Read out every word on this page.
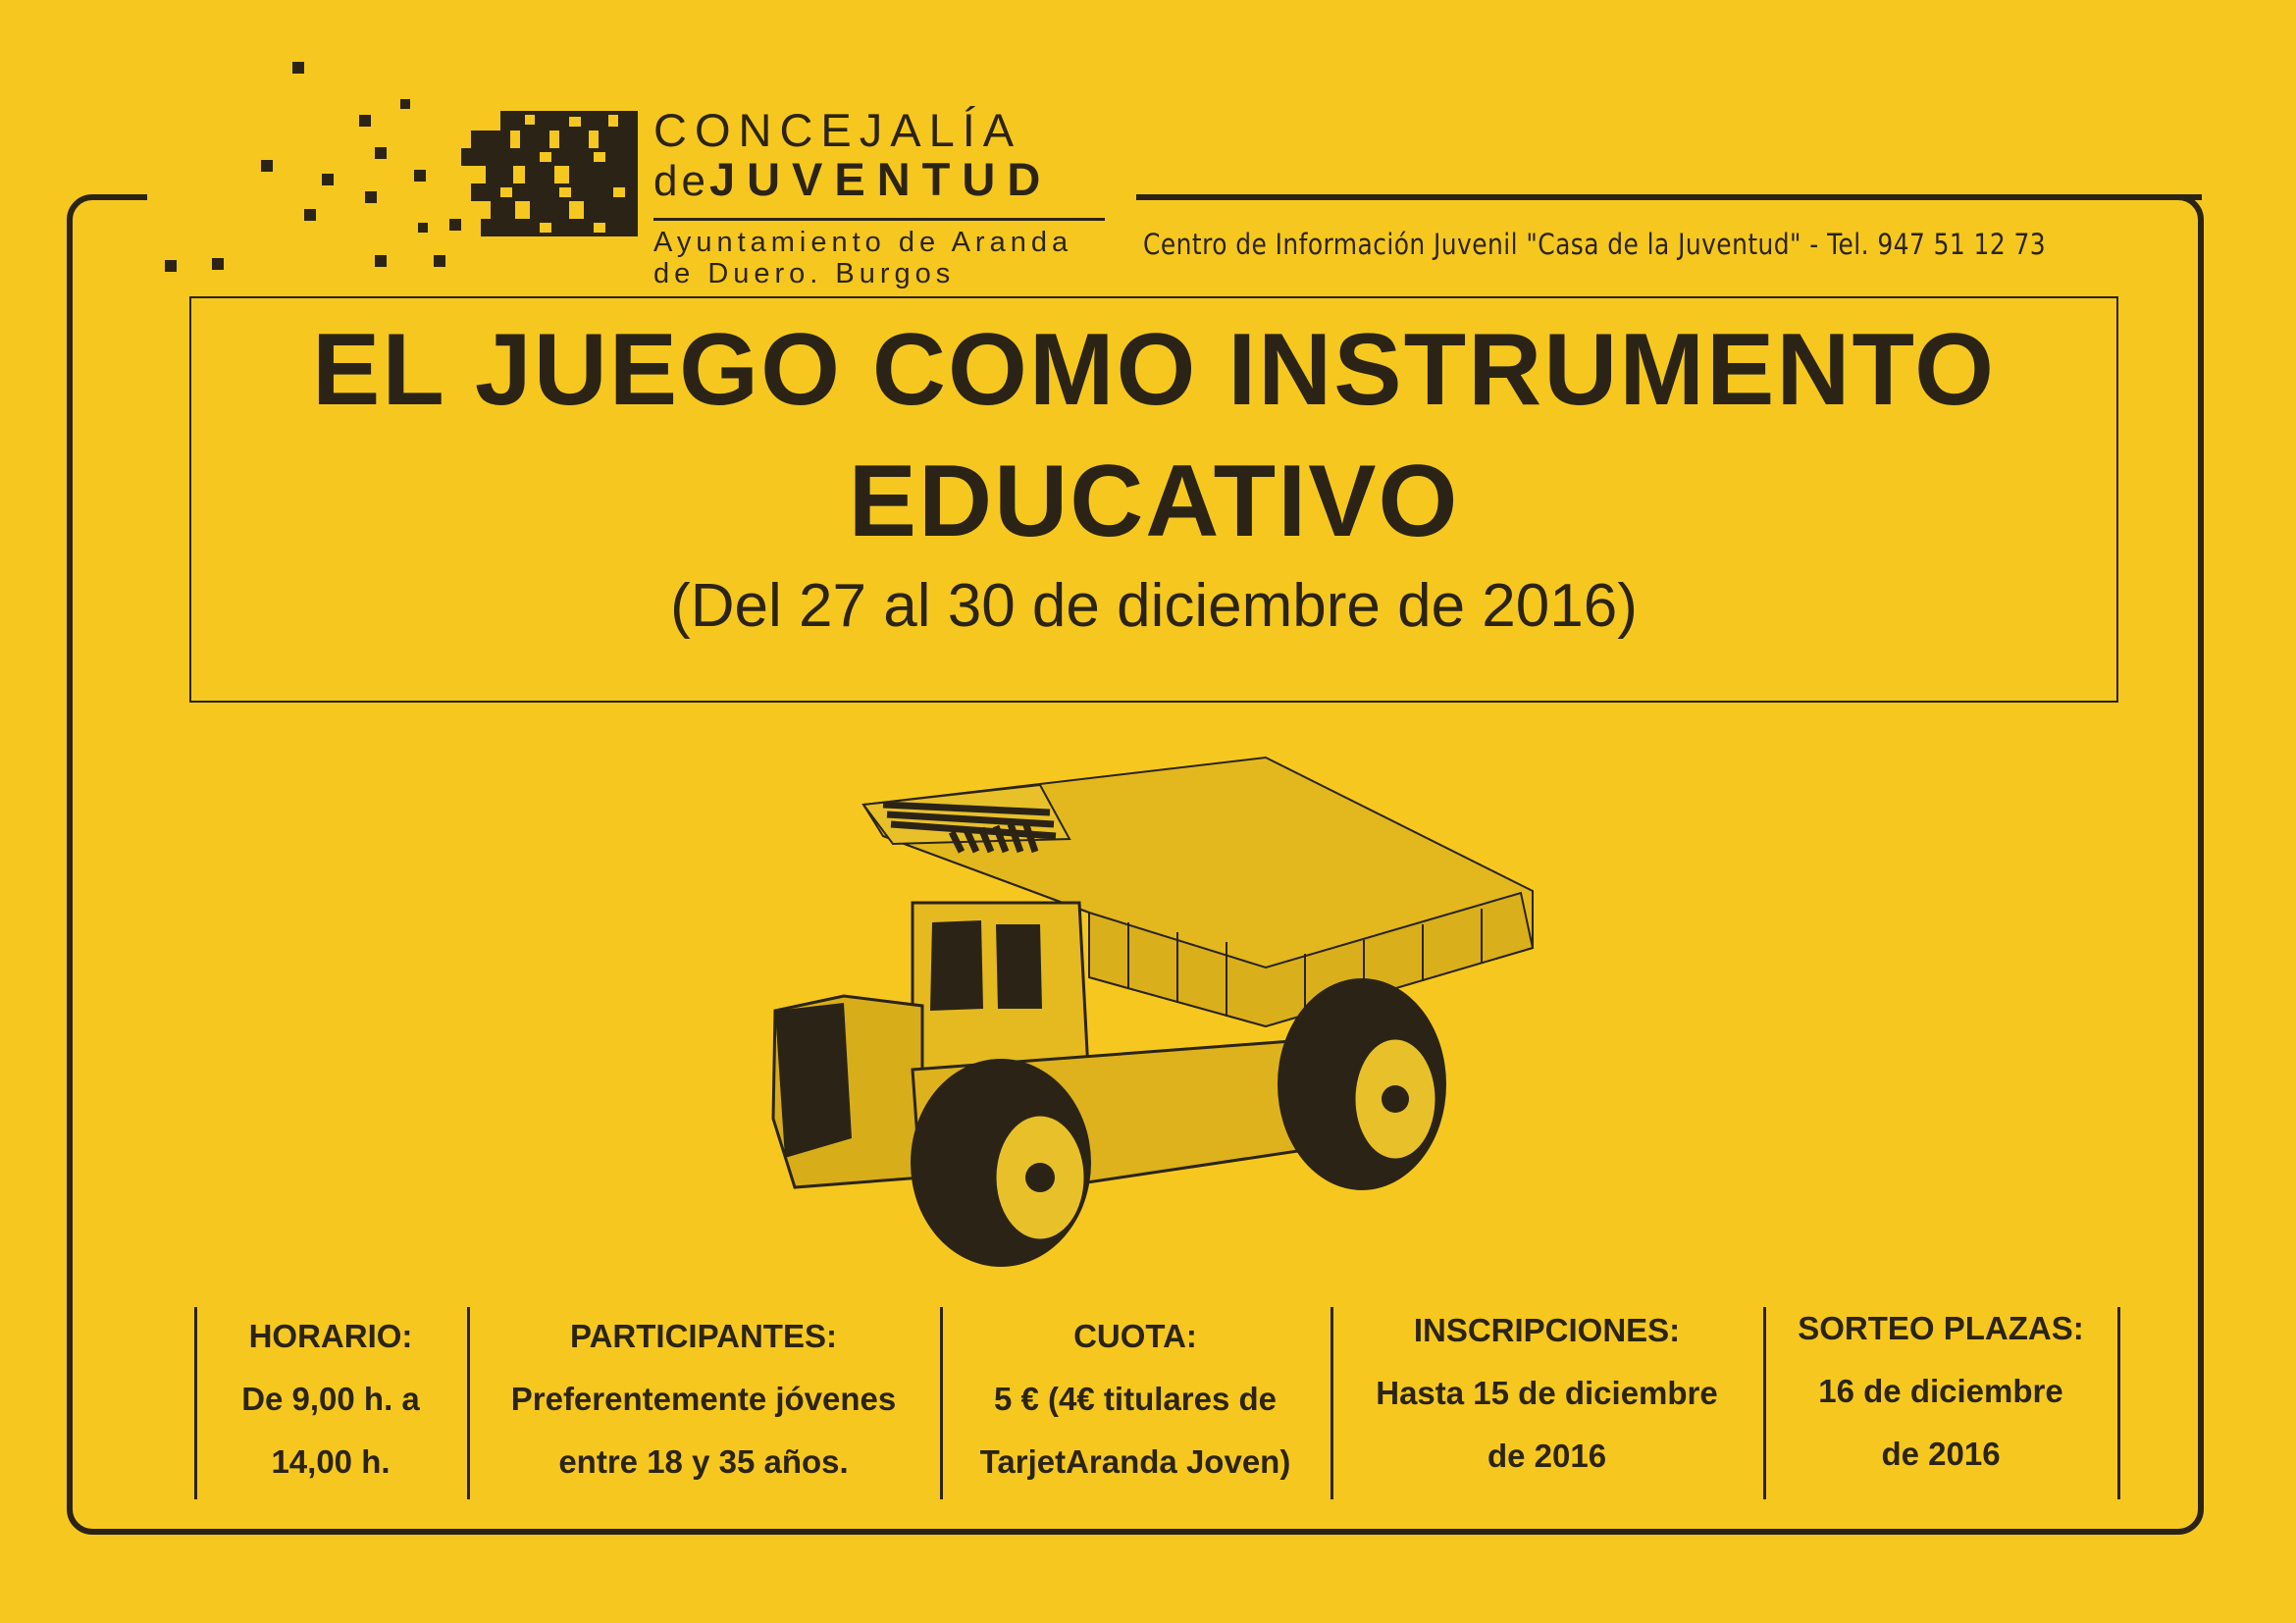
CONCEJALÍA
deJUVENTUD
Ayuntamiento de Aranda
de Duero. Burgos
Centro de Información Juvenil "Casa de la Juventud" - Tel. 947 51 12 73
EL JUEGO COMO INSTRUMENTO
EDUCATIVO
(Del 27 al 30 de diciembre de 2016)
HORARIO:
De 9,00 h. a
14,00 h.
PARTICIPANTES:
Preferentemente jóvenes
entre 18 y 35 años.
CUOTA:
5 € (4€ titulares de
TarjetAranda Joven)
INSCRIPCIONES:
Hasta 15 de diciembre
de 2016
SORTEO PLAZAS:
16 de diciembre
de 2016
